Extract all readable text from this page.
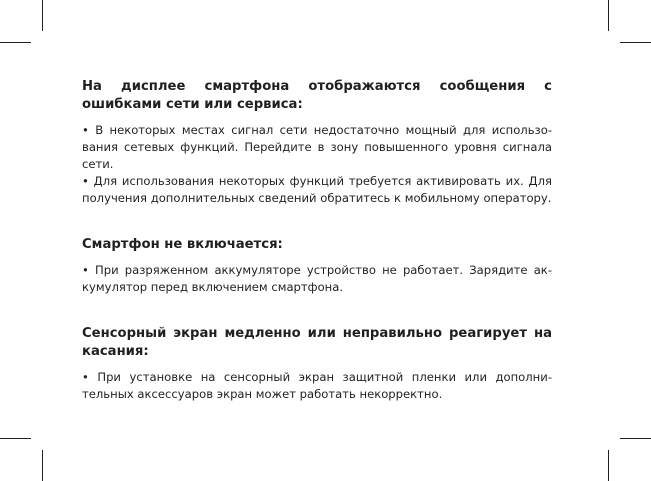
На дисплее смартфона отображаются сообщения с ошибками сети или сервиса:

• В некоторых местах сигнал сети недостаточно мощный для использования сетевых функций. Перейдите в зону повышенного уровня сигнала сети.

• Для использования некоторых функций требуется активировать их. Для получения дополнительных сведений обратитесь к мобильному оператору.

Смартфон не включается:

• При разряженном аккумуляторе устройство не работает. Зарядите аккумулятор перед включением смартфона.

Сенсорный экран медленно или неправильно реагирует на касания:

• При установке на сенсорный экран защитной пленки или дополнительных аксессуаров экран может работать некорректно.
